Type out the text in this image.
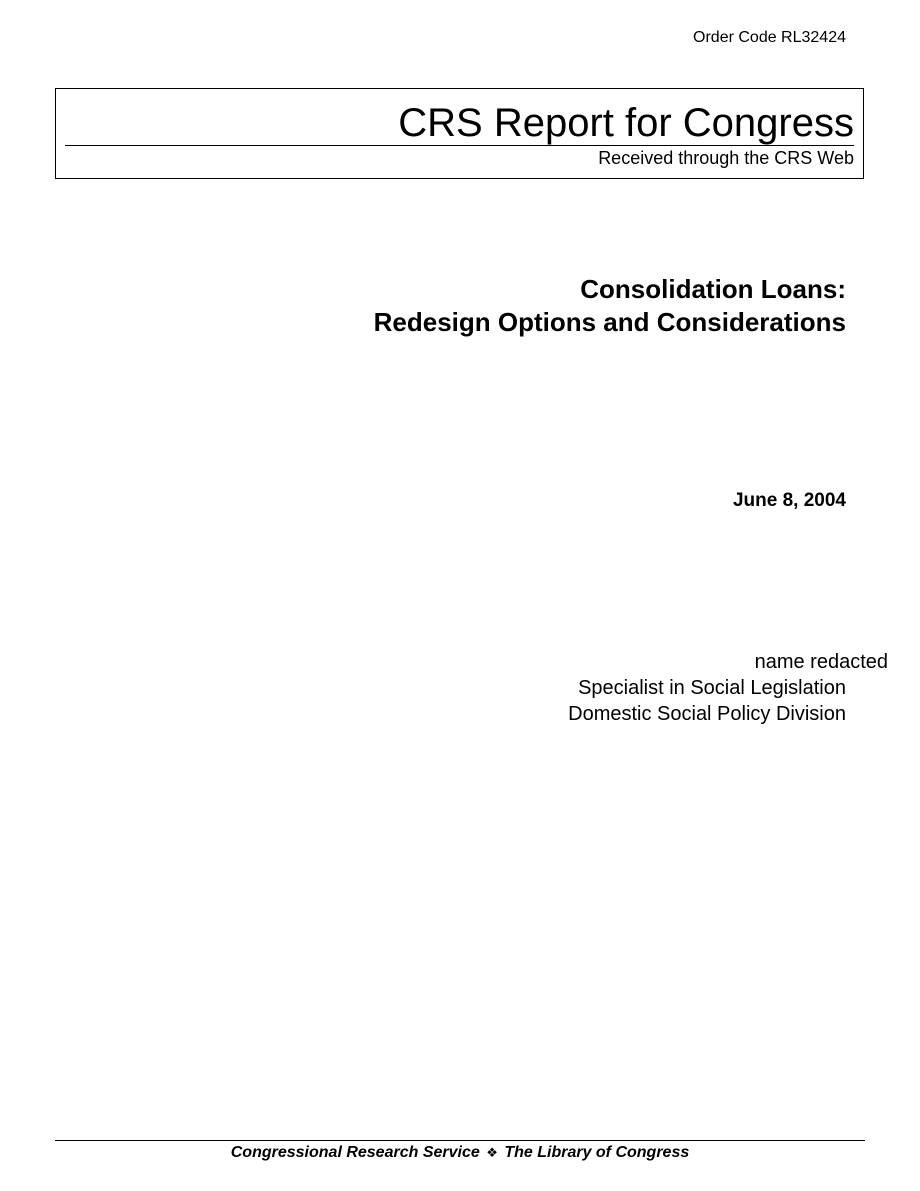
Order Code RL32424
CRS Report for Congress
Received through the CRS Web
Consolidation Loans:
Redesign Options and Considerations
June 8, 2004
name redacted
Specialist in Social Legislation
Domestic Social Policy Division
Congressional Research Service ❖ The Library of Congress
